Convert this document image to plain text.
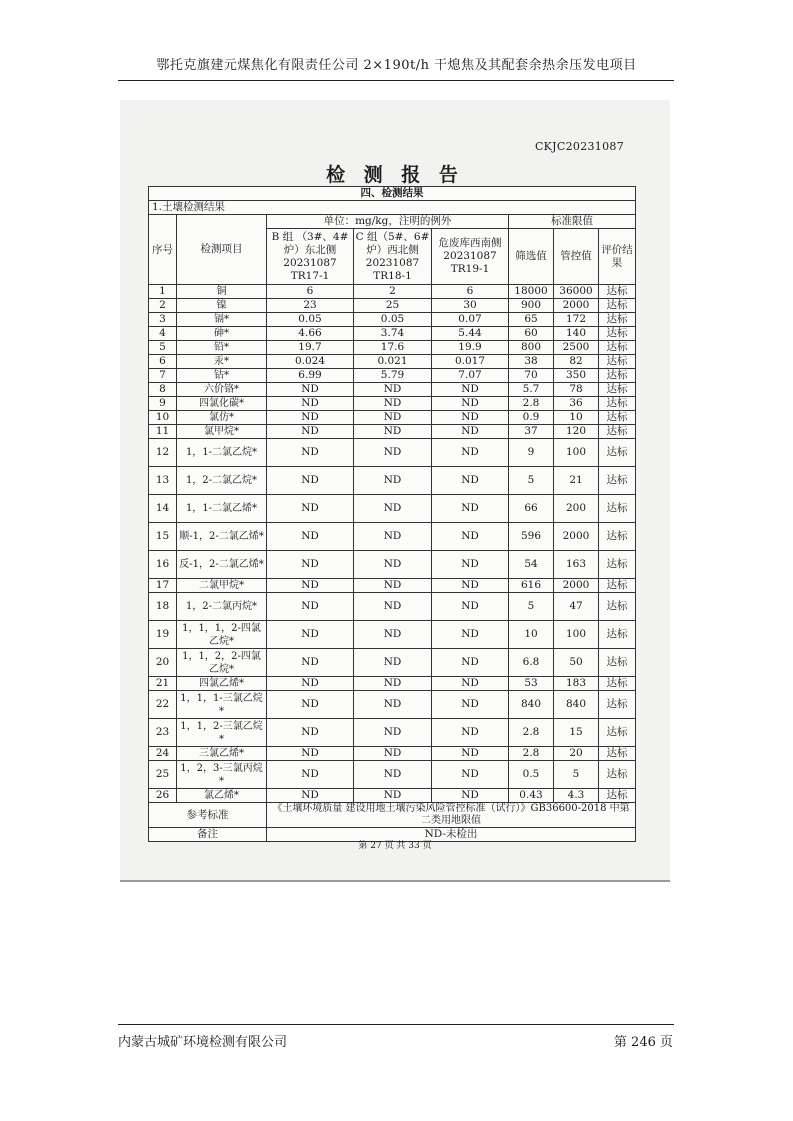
鄂托克旗建元煤焦化有限责任公司 2×190t/h 干熄焦及其配套余热余压发电项目
CKJC20231087
检 测 报 告
四、检测结果							
1.土壤检测结果							
序号	检测项目	单位：mg/kg，注明的例外			标准限值		
		B 组 （3#、4#炉）东北侧 20231087 TR17-1	C 组（5#、6#炉）西北侧 20231087 TR18-1	危废库西南侧 20231087 TR19-1	筛选值	管控值	评价结果
1	铜	6	2	6	18000	36000	达标
2	镍	23	25	30	900	2000	达标
3	镉*	0.05	0.05	0.07	65	172	达标
4	砷*	4.66	3.74	5.44	60	140	达标
5	铅*	19.7	17.6	19.9	800	2500	达标
6	汞*	0.024	0.021	0.017	38	82	达标
7	钴*	6.99	5.79	7.07	70	350	达标
8	六价铬*	ND	ND	ND	5.7	78	达标
9	四氯化碳*	ND	ND	ND	2.8	36	达标
10	氯仿*	ND	ND	ND	0.9	10	达标
11	氯甲烷*	ND	ND	ND	37	120	达标
12	1，1-二氯乙烷*	ND	ND	ND	9	100	达标
13	1，2-二氯乙烷*	ND	ND	ND	5	21	达标
14	1，1-二氯乙烯*	ND	ND	ND	66	200	达标
15	顺-1，2-二氯乙烯*	ND	ND	ND	596	2000	达标
16	反-1，2-二氯乙烯*	ND	ND	ND	54	163	达标
17	二氯甲烷*	ND	ND	ND	616	2000	达标
18	1，2-二氯丙烷*	ND	ND	ND	5	47	达标
19	1，1，1，2-四氯乙烷*	ND	ND	ND	10	100	达标
20	1，1，2，2-四氯乙烷*	ND	ND	ND	6.8	50	达标
21	四氯乙烯*	ND	ND	ND	53	183	达标
22	1，1，1-三氯乙烷*	ND	ND	ND	840	840	达标
23	1，1，2-三氯乙烷*	ND	ND	ND	2.8	15	达标
24	三氯乙烯*	ND	ND	ND	2.8	20	达标
25	1，2，3-三氯丙烷*	ND	ND	ND	0.5	5	达标
26	氯乙烯*	ND	ND	ND	0.43	4.3	达标
参考标准		《土壤环境质量 建设用地土壤污染风险管控标准（试行）》GB36600-2018 中第二类用地限值					
备注		ND-未检出					
第 27 页 共 33 页
内蒙古城矿环境检测有限公司	第 246 页
